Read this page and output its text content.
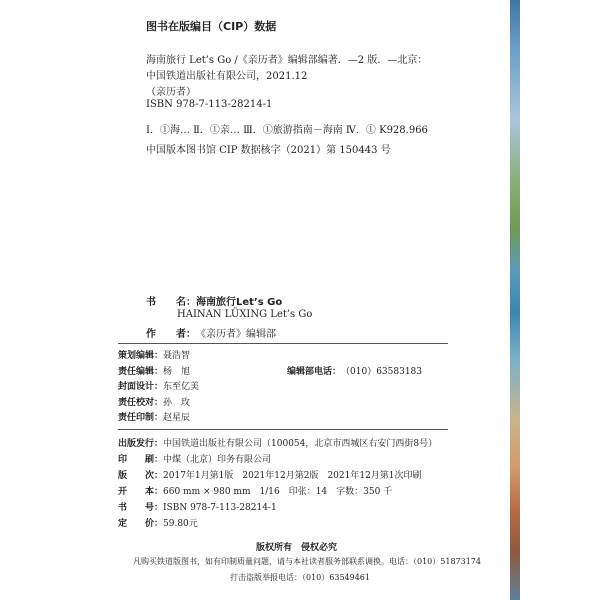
图书在版编目（CIP）数据
海南旅行 Let’s Go /《亲历者》编辑部编著．—2 版．—北京：
中国铁道出版社有限公司，2021.12
（亲历者）
ISBN 978-7-113-28214-1
Ⅰ．①海… Ⅱ．①亲… Ⅲ．①旅游指南－海南 Ⅳ．① K928.966
中国版本图书馆 CIP 数据核字（2021）第 150443 号
书　　名：海南旅行Let’s Go
HAINAN LÜXING Let’s Go
作　　者：《亲历者》编辑部
策划编辑：聂浩智
责任编辑：杨　旭	编辑部电话：（010）63583183
封面设计：东至亿美
责任校对：孙　玫
责任印制：赵星辰
出版发行：中国铁道出版社有限公司（100054，北京市西城区右安门西街8号）
印　　刷：中煤（北京）印务有限公司
版　　次：2017年1月第1版　2021年12月第2版　2021年12月第1次印刷
开　　本：660 mm × 980 mm　1/16　印张：14　字数：350 千
书　　号：ISBN 978-7-113-28214-1
定　　价：59.80元
版权所有　侵权必究
凡购买铁道版图书，如有印制质量问题，请与本社读者服务部联系调换。电话：（010）51873174
打击盗版举报电话：（010）63549461
